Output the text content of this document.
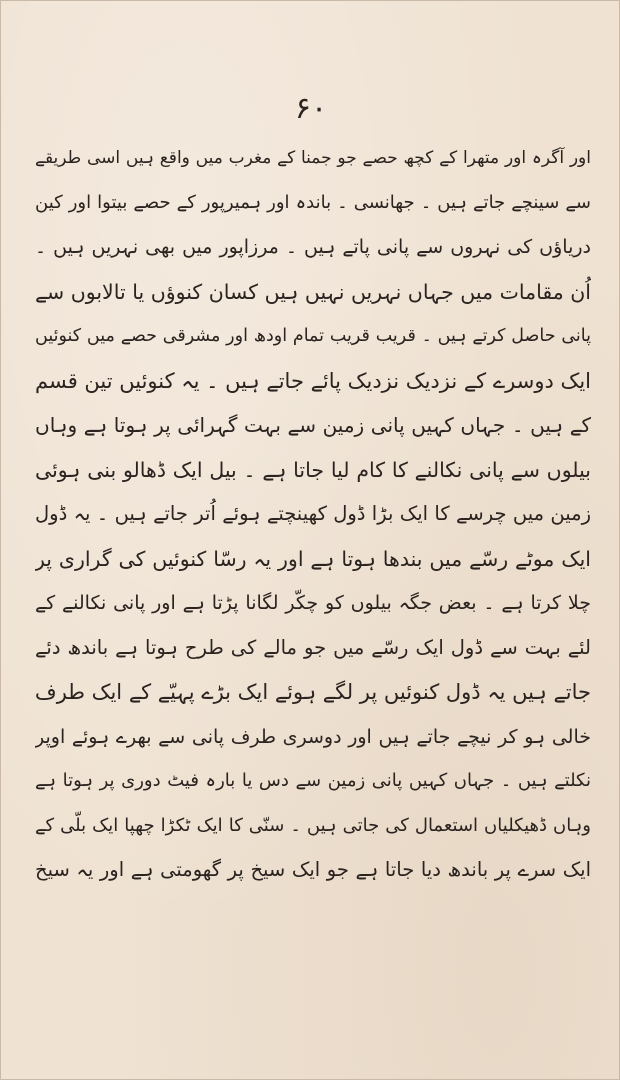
۶۰
اور آگرہ اور متھرا کے کچھ حصے جو جمنا کے مغرب میں واقع ہیں اسی طریقے
سے سینچے جاتے ہیں ۔ جھانسی ۔ باندہ اور ہمیرپور کے حصے بیتوا اور کین
دریاؤں کی نہروں سے پانی پاتے ہیں ۔ مرزاپور میں بھی نہریں ہیں ۔
اُن مقامات میں جہاں نہریں نہیں ہیں کسان کنوؤں یا تالابوں سے
پانی حاصل کرتے ہیں ۔ قریب قریب تمام اودھ اور مشرقی حصے میں کنوئیں
ایک دوسرے کے نزدیک نزدیک پائے جاتے ہیں ۔ یہ کنوئیں تین قسم
کے ہیں ۔ جہاں کہیں پانی زمین سے بہت گہرائی پر ہوتا ہے وہاں
بیلوں سے پانی نکالنے کا کام لیا جاتا ہے ۔ بیل ایک ڈھالو بنی ہوئی
زمین میں چرسے کا ایک بڑا ڈول کھینچتے ہوئے اُتر جاتے ہیں ۔ یہ ڈول
ایک موٹے رسّے میں بندھا ہوتا ہے اور یہ رسّا کنوئیں کی گراری پر
چلا کرتا ہے ۔ بعض جگہ بیلوں کو چکّر لگانا پڑتا ہے اور پانی نکالنے کے
لئے بہت سے ڈول ایک رسّے میں جو مالے کی طرح ہوتا ہے باندھ دئے
جاتے ہیں یہ ڈول کنوئیں پر لگے ہوئے ایک بڑے پہیّے کے ایک طرف
خالی ہو کر نیچے جاتے ہیں اور دوسری طرف پانی سے بھرے ہوئے اوپر
نکلتے ہیں ۔ جہاں کہیں پانی زمین سے دس یا بارہ فیٹ دوری پر ہوتا ہے
وہاں ڈھیکلیاں استعمال کی جاتی ہیں ۔ سنّی کا ایک ٹکڑا چھپا ایک بلّی کے
ایک سرے پر باندھ دیا جاتا ہے جو ایک سیخ پر گھومتی ہے اور یہ سیخ
